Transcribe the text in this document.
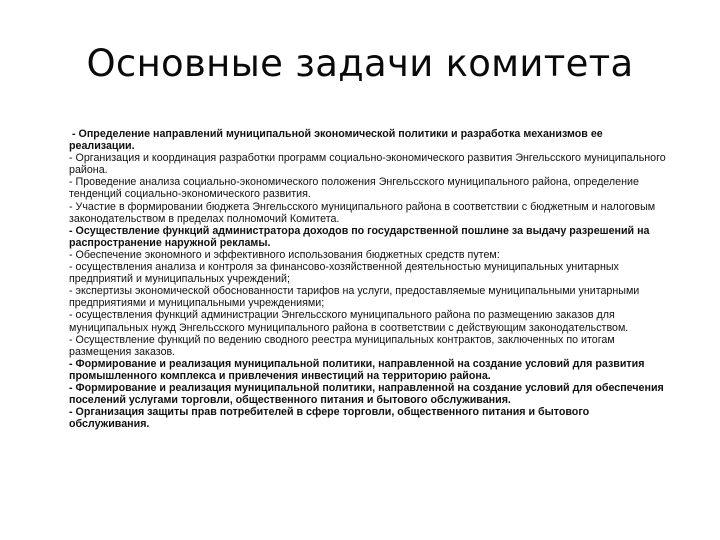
Основные задачи комитета

- Определение направлений муниципальной экономической политики и разработка механизмов ее реализации.

- Организация и координация разработки программ социально-экономического развития Энгельсского муниципального района.

- Проведение анализа социально-экономического положения Энгельсского муниципального района, определение тенденций социально-экономического развития.

- Участие в формировании бюджета Энгельсского муниципального района в соответствии с бюджетным и налоговым законодательством в пределах полномочий Комитета.

- Осуществление функций администратора доходов по государственной пошлине за выдачу разрешений на распространение наружной рекламы.

- Обеспечение экономного и эффективного использования бюджетных средств путем:

- осуществления анализа и контроля за финансово-хозяйственной деятельностью муниципальных унитарных предприятий и муниципальных учреждений;

- экспертизы экономической обоснованности тарифов на услуги, предоставляемые муниципальными унитарными предприятиями и муниципальными учреждениями;

- осуществления функций администрации Энгельсского муниципального района по размещению заказов для муниципальных нужд Энгельсского муниципального района в соответствии с действующим законодательством.

- Осуществление функций по ведению сводного реестра муниципальных контрактов, заключенных по итогам размещения заказов.

- Формирование и реализация муниципальной политики, направленной на создание условий для развития промышленного комплекса и привлечения инвестиций на территорию района.

- Формирование и реализация муниципальной политики, направленной на создание условий для обеспечения поселений услугами торговли, общественного питания и бытового обслуживания.

- Организация защиты прав потребителей в сфере торговли, общественного питания и бытового обслуживания.
